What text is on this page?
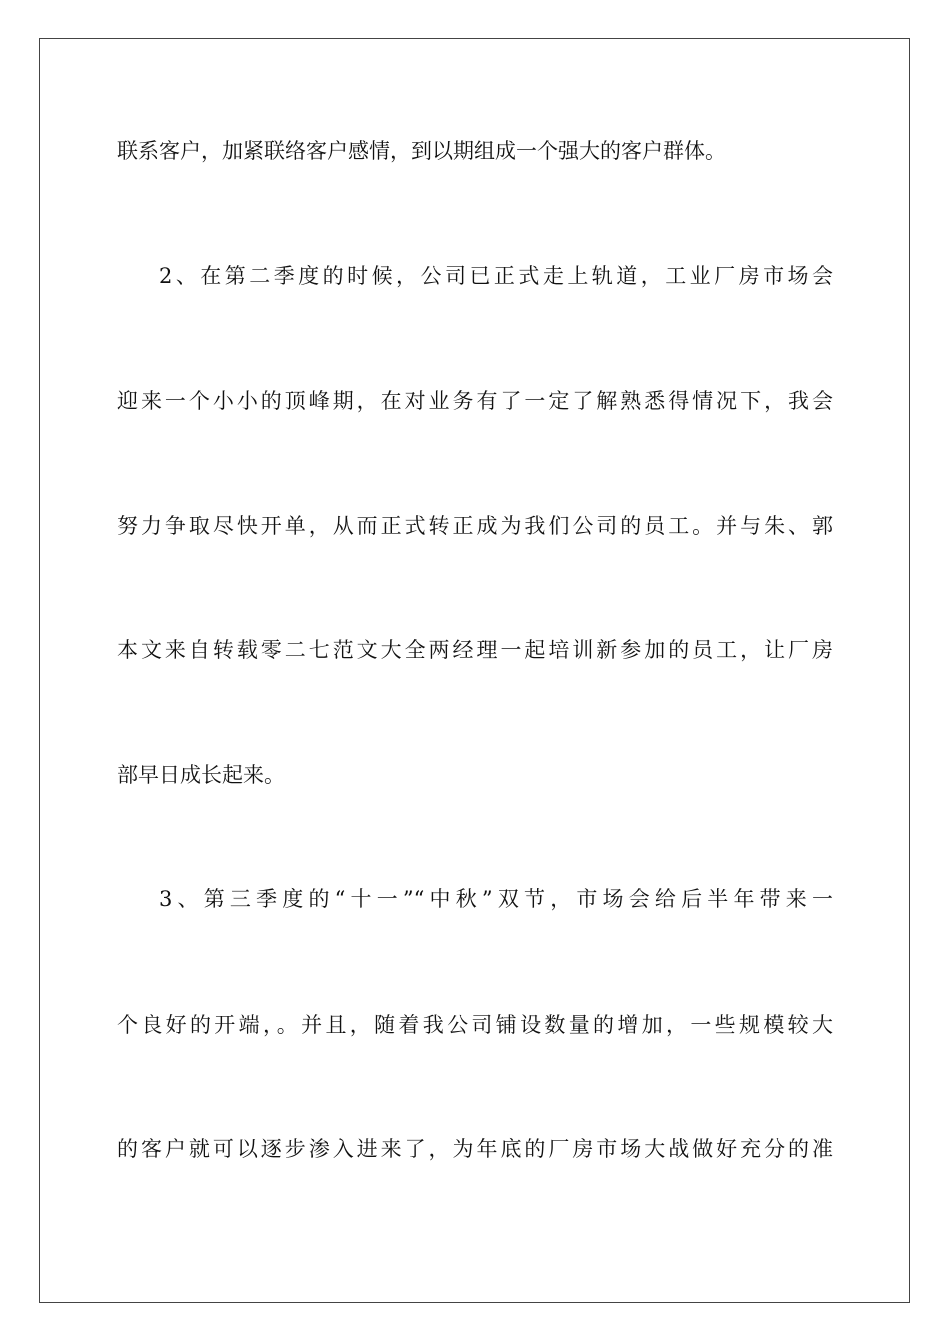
联系客户，加紧联络客户感情，到以期组成一个强大的客户群体。
2、在第二季度的时候，公司已正式走上轨道，工业厂房市场会
迎来一个小小的顶峰期，在对业务有了一定了解熟悉得情况下，我会
努力争取尽快开单，从而正式转正成为我们公司的员工。并与朱、郭
本文来自转载零二七范文大全两经理一起培训新参加的员工，让厂房
部早日成长起来。
3、第三季度的“十一”“中秋”双节，市场会给后半年带来一
个良好的开端，。并且，随着我公司铺设数量的增加，一些规模较大
的客户就可以逐步渗入进来了，为年底的厂房市场大战做好充分的准
